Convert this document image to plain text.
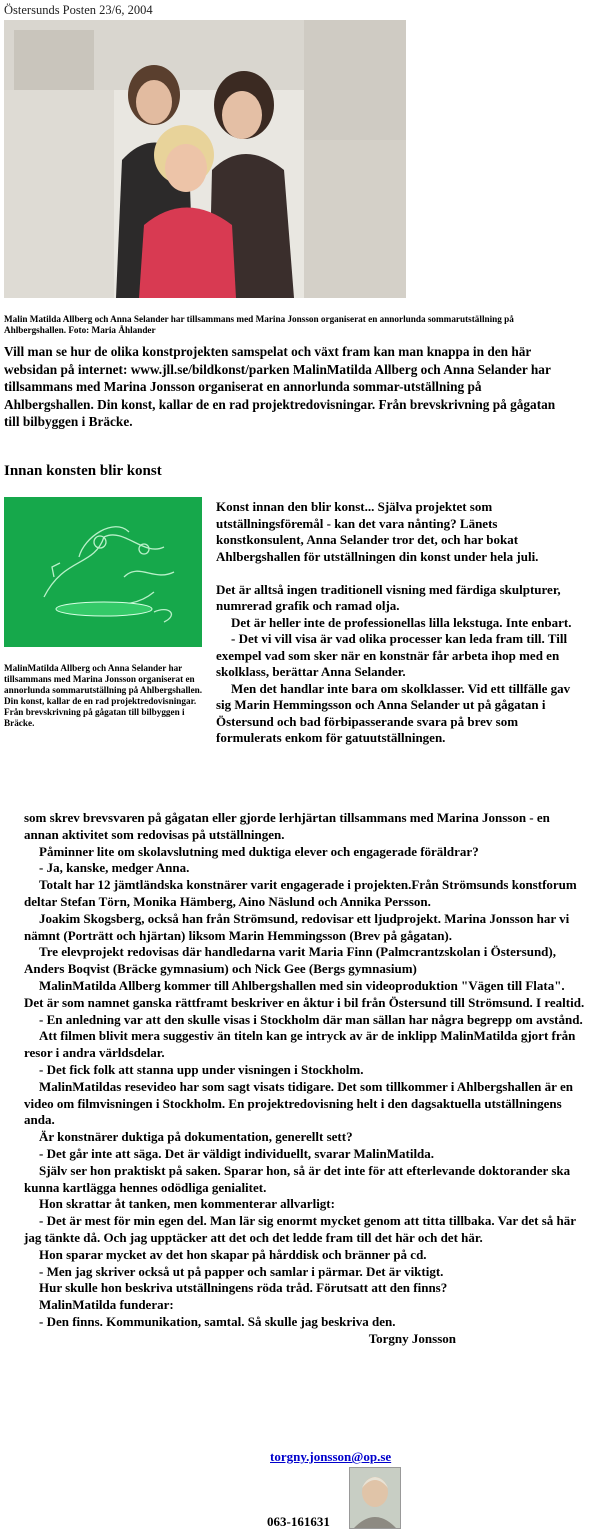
Östersunds Posten 23/6, 2004
Malin Matilda Allberg och Anna Selander har tillsammans med Marina Jonsson organiserat en annorlunda sommarutställning på Ahlbergshallen. Foto: Maria Åhlander
Vill man se hur de olika konstprojekten samspelat och växt fram kan man knappa in den här websidan på internet: www.jll.se/bildkonst/parken MalinMatilda Allberg och Anna Selander har tillsammans med Marina Jonsson organiserat en annorlunda sommar-utställning på Ahlbergshallen. Din konst, kallar de en rad projektredovisningar. Från brevskrivning på gågatan till bilbyggen i Bräcke.
Innan konsten blir konst
MalinMatilda Allberg och Anna Selander har tillsammans med Marina Jonsson organiserat en annorlunda sommarutställning på Ahlbergshallen. Din konst, kallar de en rad projektredovisningar. Från brevskrivning på gågatan till bilbyggen i Bräcke.

Konst innan den blir konst... Själva projektet som utställningsföremål - kan det vara nånting? Länets konstkonsulent, Anna Selander tror det, och har bokat Ahlbergshallen för utställningen din konst under hela juli.

Det är alltså ingen traditionell visning med färdiga skulpturer, numrerad grafik och ramad olja.

Det är heller inte de professionellas lilla lekstuga. Inte enbart.

- Det vi vill visa är vad olika processer kan leda fram till. Till exempel vad som sker när en konstnär får arbeta ihop med en skolklass, berättar Anna Selander.

Men det handlar inte bara om skolklasser. Vid ett tillfälle gav sig Marin Hemmingsson och Anna Selander ut på gågatan i Östersund och bad förbipasserande svara på brev som formulerats enkom för gatuutställningen.

som skrev brevsvaren på gågatan eller gjorde lerhjärtan tillsammans med Marina Jonsson - en annan aktivitet som redovisas på utställningen.

Påminner lite om skolavslutning med duktiga elever och engagerade föräldrar?

- Ja, kanske, medger Anna.

Totalt har 12 jämtländska konstnärer varit engagerade i projekten.Från Strömsunds konstforum deltar Stefan Törn, Monika Hämberg, Aino Näslund och Annika Persson.

Joakim Skogsberg, också han från Strömsund, redovisar ett ljudprojekt. Marina Jonsson har vi nämnt (Porträtt och hjärtan) liksom Marin Hemmingsson (Brev på gågatan).

Tre elevprojekt redovisas där handledarna varit Maria Finn (Palmcrantzskolan i Östersund), Anders Boqvist (Bräcke gymnasium) och Nick Gee (Bergs gymnasium)

MalinMatilda Allberg kommer till Ahlbergshallen med sin videoproduktion "Vägen till Flata". Det är som namnet ganska rättframt beskriver en åktur i bil från Östersund till Strömsund. I realtid.

- En anledning var att den skulle visas i Stockholm där man sällan har några begrepp om avstånd.

Att filmen blivit mera suggestiv än titeln kan ge intryck av är de inklipp MalinMatilda gjort från resor i andra världsdelar.

- Det fick folk att stanna upp under visningen i Stockholm.

MalinMatildas resevideo har som sagt visats tidigare. Det som tillkommer i Ahlbergshallen är en video om filmvisningen i Stockholm. En projektredovisning helt i den dagsaktuella utställningens anda.

Är konstnärer duktiga på dokumentation, generellt sett?

- Det går inte att säga. Det är väldigt individuellt, svarar MalinMatilda.

Själv ser hon praktiskt på saken. Sparar hon, så är det inte för att efterlevande doktorander ska kunna kartlägga hennes odödliga genialitet.

Hon skrattar åt tanken, men kommenterar allvarligt:

- Det är mest för min egen del. Man lär sig enormt mycket genom att titta tillbaka. Var det så här jag tänkte då. Och jag upptäcker att det och det ledde fram till det här och det här.

Hon sparar mycket av det hon skapar på hårddisk och bränner på cd.

- Men jag skriver också ut på papper och samlar i pärmar. Det är viktigt.

Hur skulle hon beskriva utställningens röda tråd. Förutsatt att den finns?

MalinMatilda funderar:

- Den finns. Kommunikation, samtal. Så skulle jag beskriva den.

Torgny Jonsson

torgny.jonsson@op.se
063-161631
